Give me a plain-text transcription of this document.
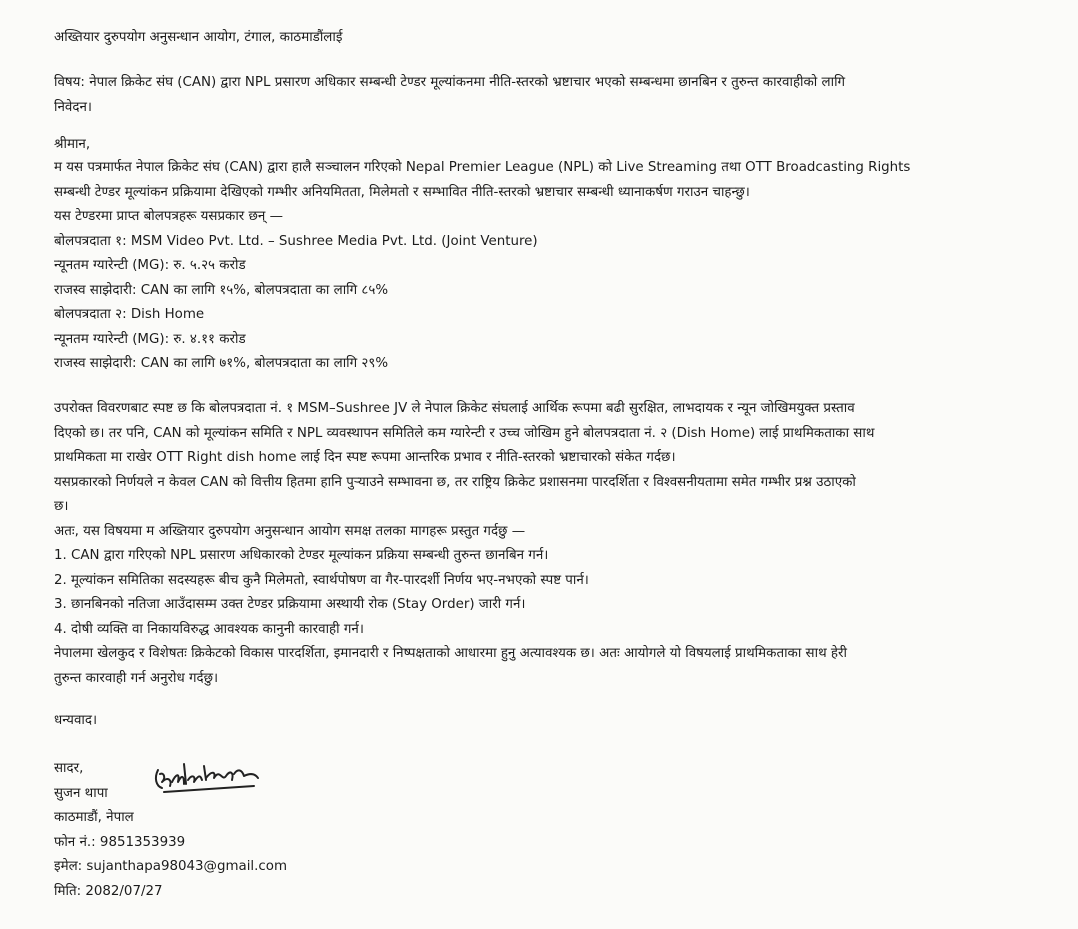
अख्तियार दुरुपयोग अनुसन्धान आयोग, टंगाल, काठमाडौंलाई
विषय: नेपाल क्रिकेट संघ (CAN) द्वारा NPL प्रसारण अधिकार सम्बन्धी टेण्डर मूल्यांकनमा नीति-स्तरको भ्रष्टाचार भएको सम्बन्धमा छानबिन र तुरुन्त कारवाहीको लागि
निवेदन।
श्रीमान,
म यस पत्रमार्फत नेपाल क्रिकेट संघ (CAN) द्वारा हालै सञ्चालन गरिएको Nepal Premier League (NPL) को Live Streaming तथा OTT Broadcasting Rights
सम्बन्धी टेण्डर मूल्यांकन प्रक्रियामा देखिएको गम्भीर अनियमितता, मिलेमतो र सम्भावित नीति-स्तरको भ्रष्टाचार सम्बन्धी ध्यानाकर्षण गराउन चाहन्छु।
यस टेण्डरमा प्राप्त बोलपत्रहरू यसप्रकार छन् —
बोलपत्रदाता १: MSM Video Pvt. Ltd. – Sushree Media Pvt. Ltd. (Joint Venture)
न्यूनतम ग्यारेन्टी (MG): रु. ५.२५ करोड
राजस्व साझेदारी: CAN का लागि १५%, बोलपत्रदाता का लागि ८५%
बोलपत्रदाता २: Dish Home
न्यूनतम ग्यारेन्टी (MG): रु. ४.११ करोड
राजस्व साझेदारी: CAN का लागि ७१%, बोलपत्रदाता का लागि २९%
उपरोक्त विवरणबाट स्पष्ट छ कि बोलपत्रदाता नं. १ MSM–Sushree JV ले नेपाल क्रिकेट संघलाई आर्थिक रूपमा बढी सुरक्षित, लाभदायक र न्यून जोखिमयुक्त प्रस्ताव
दिएको छ। तर पनि, CAN को मूल्यांकन समिति र NPL व्यवस्थापन समितिले कम ग्यारेन्टी र उच्च जोखिम हुने बोलपत्रदाता नं. २ (Dish Home) लाई प्राथमिकताका साथ
प्राथमिकता मा राखेर OTT Right dish home लाई दिन स्पष्ट रूपमा आन्तरिक प्रभाव र नीति-स्तरको भ्रष्टाचारको संकेत गर्दछ।
यसप्रकारको निर्णयले न केवल CAN को वित्तीय हितमा हानि पुर्‍याउने सम्भावना छ, तर राष्ट्रिय क्रिकेट प्रशासनमा पारदर्शिता र विश्वसनीयतामा समेत गम्भीर प्रश्न उठाएको
छ।
अतः, यस विषयमा म अख्तियार दुरुपयोग अनुसन्धान आयोग समक्ष तलका मागहरू प्रस्तुत गर्दछु —
1. CAN द्वारा गरिएको NPL प्रसारण अधिकारको टेण्डर मूल्यांकन प्रक्रिया सम्बन्धी तुरुन्त छानबिन गर्न।
2. मूल्यांकन समितिका सदस्यहरू बीच कुनै मिलेमतो, स्वार्थपोषण वा गैर-पारदर्शी निर्णय भए-नभएको स्पष्ट पार्न।
3. छानबिनको नतिजा आउँदासम्म उक्त टेण्डर प्रक्रियामा अस्थायी रोक (Stay Order) जारी गर्न।
4. दोषी व्यक्ति वा निकायविरुद्ध आवश्यक कानुनी कारवाही गर्न।
नेपालमा खेलकुद र विशेषतः क्रिकेटको विकास पारदर्शिता, इमानदारी र निष्पक्षताको आधारमा हुनु अत्यावश्यक छ। अतः आयोगले यो विषयलाई प्राथमिकताका साथ हेरी
तुरुन्त कारवाही गर्न अनुरोध गर्दछु।
धन्यवाद।
सादर,
सुजन थापा
काठमाडौं, नेपाल
फोन नं.: 9851353939
इमेल: sujanthapa98043@gmail.com
मिति: 2082/07/27
